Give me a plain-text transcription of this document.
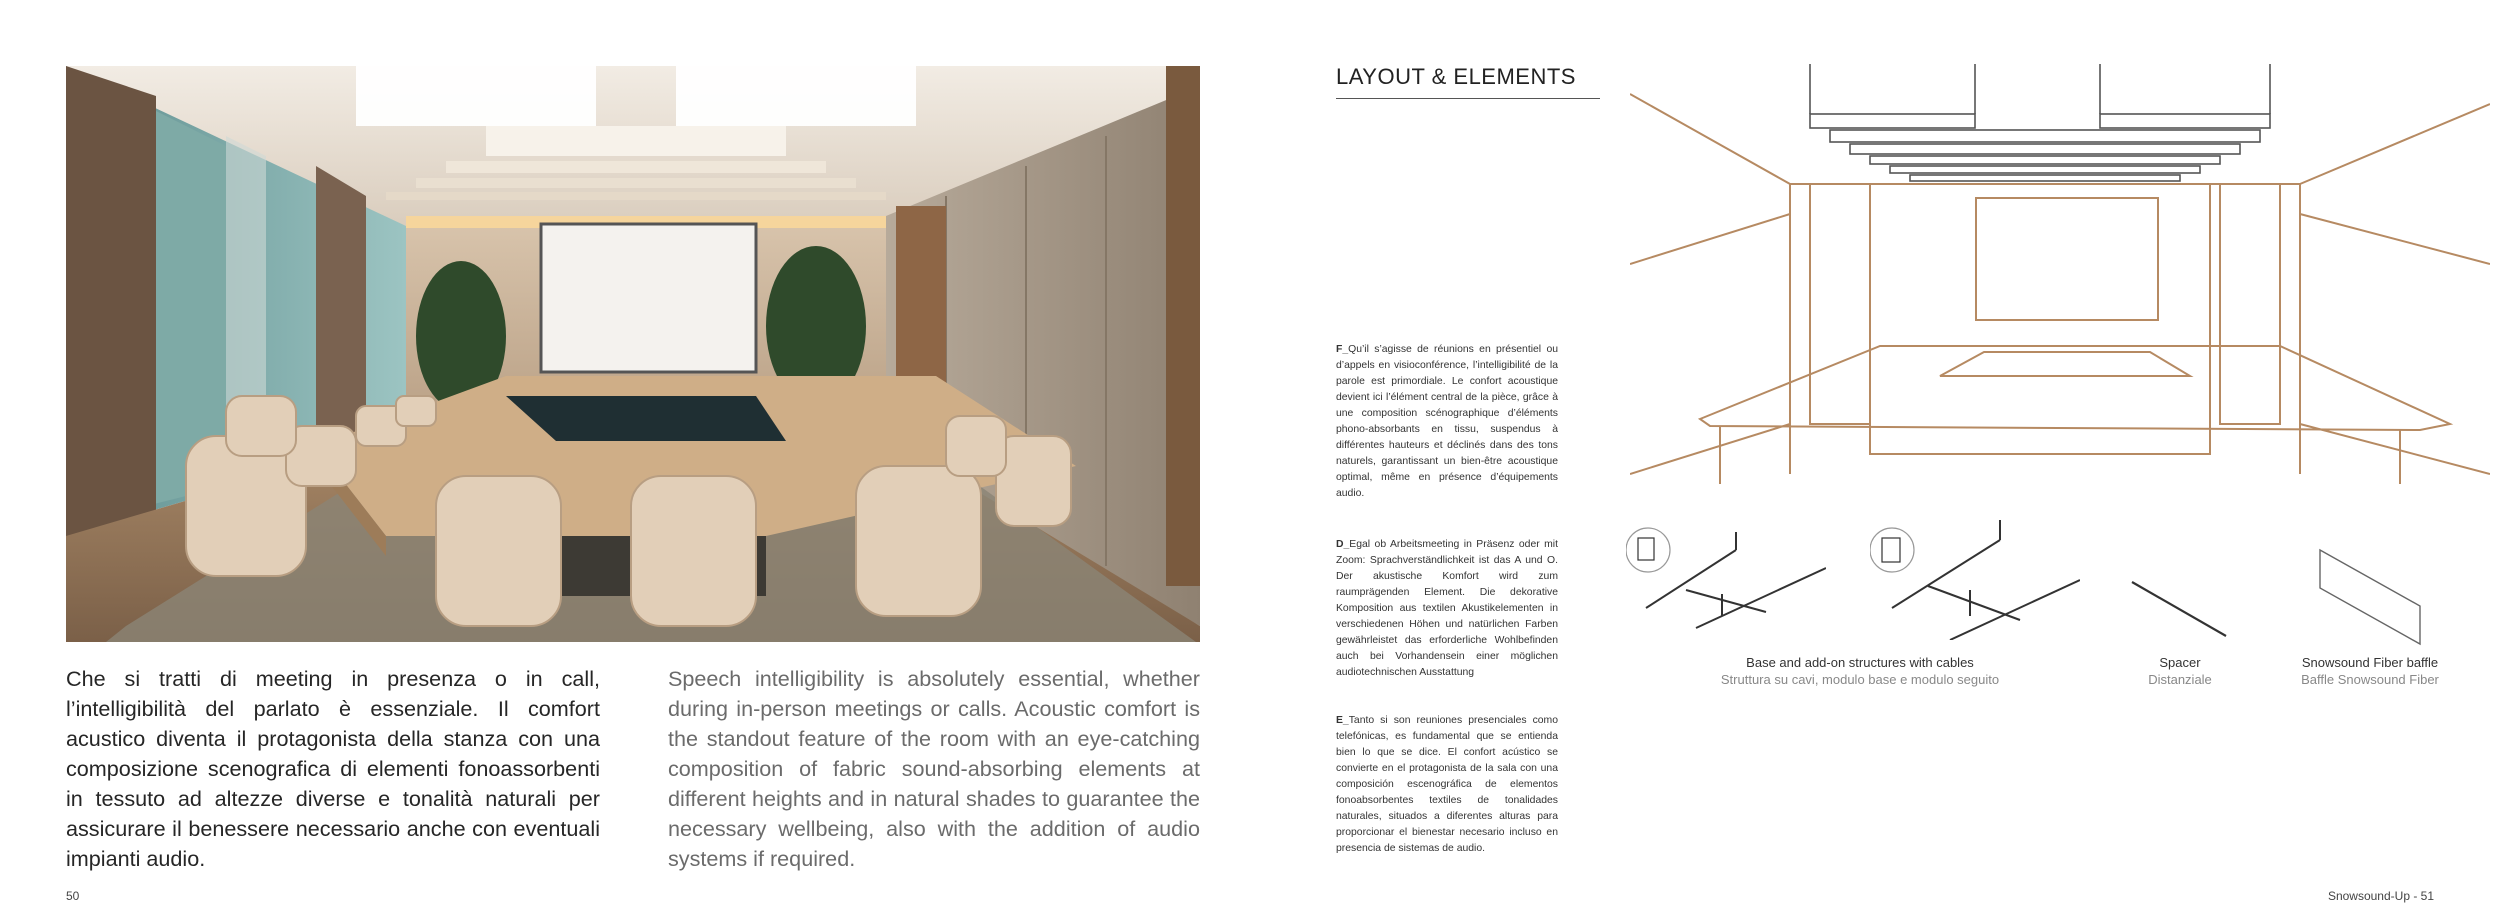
Che si tratti di meeting in presenza o in call, l’intelligibilità del parlato è essenziale. Il comfort acustico diventa il protagonista della stanza con una composizione scenografica di elementi fonoassorbenti in tessuto ad altezze diverse e tonalità naturali per assicurare il benessere necessario anche con eventuali impianti audio.
Speech intelligibility is absolutely essential, whether during in-person meetings or calls. Acoustic comfort is the standout feature of the room with an eye-catching composition of fabric sound-absorbing elements at different heights and in natural shades to guarantee the necessary wellbeing, also with the addition of audio systems if required.
50
LAYOUT & ELEMENTS
F_Qu’il s’agisse de réunions en présentiel ou d’appels en visioconférence, l’intelligibilité de la parole est primordiale. Le confort acoustique devient ici l’élément central de la pièce, grâce à une composition scénographique d’éléments phono-absorbants en tissu, suspendus à différentes hauteurs et déclinés dans des tons naturels, garantissant un bien-être acoustique optimal, même en présence d’équipements audio.
D_Egal ob Arbeitsmeeting in Präsenz oder mit Zoom: Sprachverständlichkeit ist das A und O. Der akustische Komfort wird zum raumprägenden Element. Die dekorative Komposition aus textilen Akustikelementen in verschiedenen Höhen und natürlichen Farben gewährleistet das erforderliche Wohlbefinden auch bei Vorhandensein einer möglichen audiotechnischen Ausstattung
E_Tanto si son reuniones presenciales como telefónicas, es fundamental que se entienda bien lo que se dice. El confort acústico se convierte en el protagonista de la sala con una composición escenográfica de elementos fonoabsorbentes textiles de tonalidades naturales, situados a diferentes alturas para proporcionar el bienestar necesario incluso en presencia de sistemas de audio.
Base and add-on structures with cables
Struttura su cavi, modulo base e modulo seguito
Spacer
Distanziale
Snowsound Fiber baffle
Baffle Snowsound Fiber
Snowsound-Up - 51
